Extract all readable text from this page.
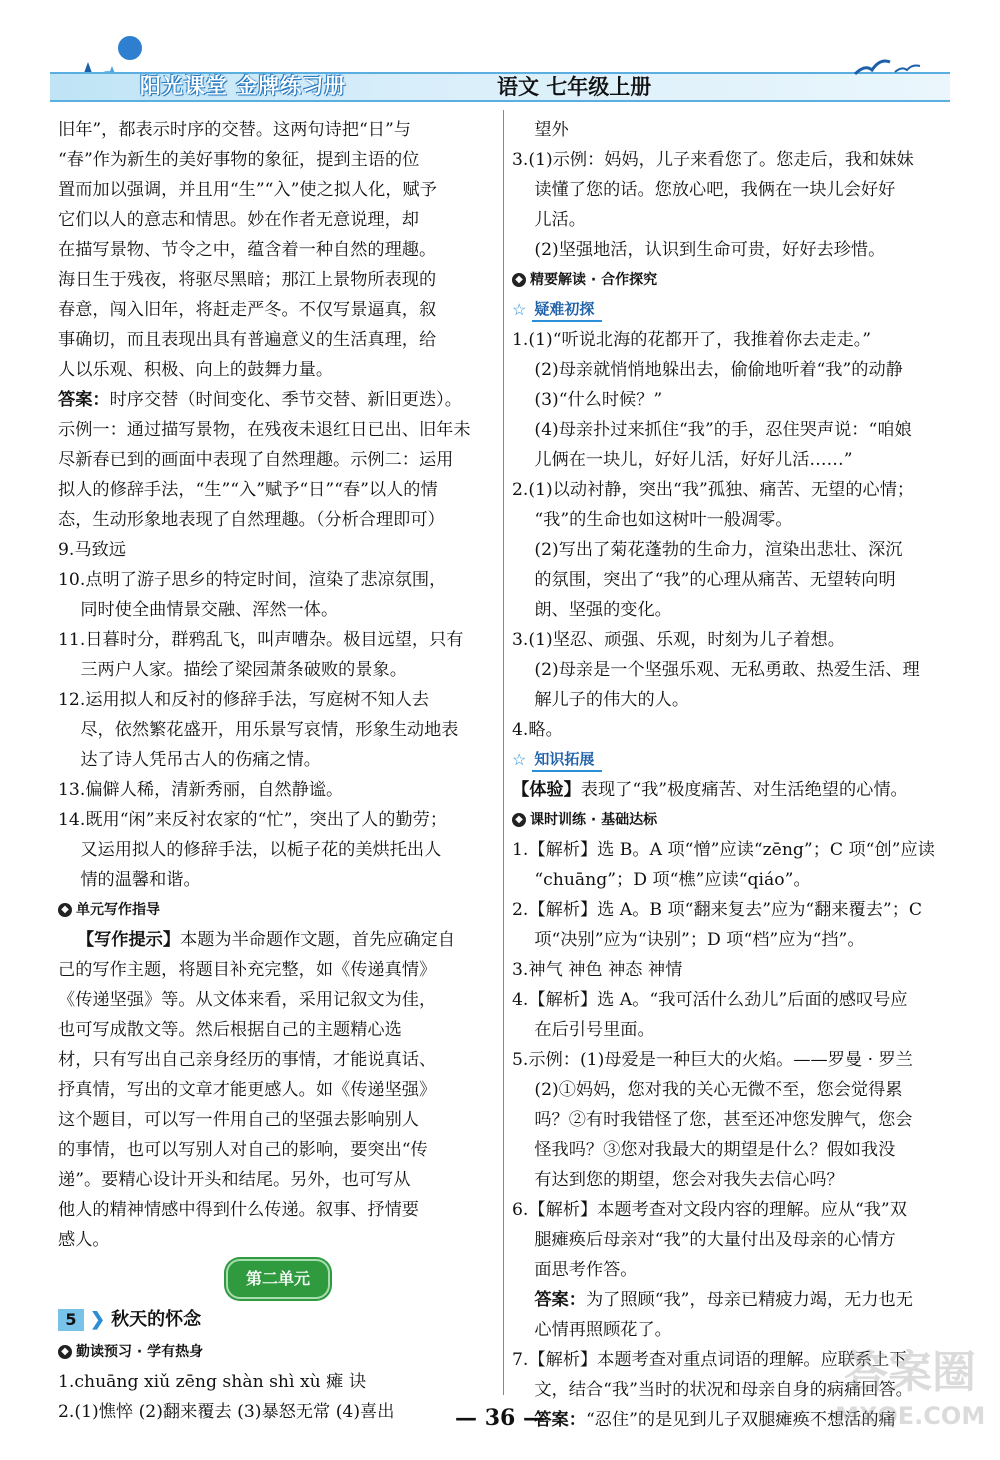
阳光课堂 金牌练习册	语文 七年级上册

旧年”，都表示时序的交替。这两句诗把“日”与

“春”作为新生的美好事物的象征，提到主语的位

置而加以强调，并且用“生”“入”使之拟人化，赋予

它们以人的意志和情思。妙在作者无意说理，却

在描写景物、节令之中，蕴含着一种自然的理趣。

海日生于残夜，将驱尽黑暗；那江上景物所表现的

春意，闯入旧年，将赶走严冬。不仅写景逼真，叙

事确切，而且表现出具有普遍意义的生活真理，给

人以乐观、积极、向上的鼓舞力量。

答案：时序交替（时间变化、季节交替、新旧更迭）。

示例一：通过描写景物，在残夜未退红日已出、旧年未

尽新春已到的画面中表现了自然理趣。示例二：运用

拟人的修辞手法，“生”“入”赋予“日”“春”以人的情

态，生动形象地表现了自然理趣。（分析合理即可）

9.马致远

10.点明了游子思乡的特定时间，渲染了悲凉氛围，

同时使全曲情景交融、浑然一体。

11.日暮时分，群鸦乱飞，叫声嘈杂。极目远望，只有

三两户人家。描绘了梁园萧条破败的景象。

12.运用拟人和反衬的修辞手法，写庭树不知人去

尽，依然繁花盛开，用乐景写哀情，形象生动地表

达了诗人凭吊古人的伤痛之情。

13.偏僻人稀，清新秀丽，自然静谧。

14.既用“闲”来反衬农家的“忙”，突出了人的勤劳；

又运用拟人的修辞手法，以栀子花的美烘托出人

情的温馨和谐。

◆ 单元写作指导

【写作提示】本题为半命题作文题，首先应确定自

己的写作主题，将题目补充完整，如《传递真情》

《传递坚强》等。从文体来看，采用记叙文为佳，

也可写成散文等。然后根据自己的主题精心选

材，只有写出自己亲身经历的事情，才能说真话、

抒真情，写出的文章才能更感人。如《传递坚强》

这个题目，可以写一件用自己的坚强去影响别人

的事情，也可以写别人对自己的影响，要突出“传

递”。要精心设计开头和结尾。另外，也可写从

他人的精神情感中得到什么传递。叙事、抒情要

感人。

第二单元
5 ❯ 秋天的怀念
◆ 勤读预习 · 学有热身

1.chuāng xiǔ zēng shàn shì xù 瘫 诀

2.(1)憔悴 (2)翻来覆去 (3)暴怒无常 (4)喜出

望外

3.(1)示例：妈妈，儿子来看您了。您走后，我和妹妹

读懂了您的话。您放心吧，我俩在一块儿会好好

儿活。

(2)坚强地活，认识到生命可贵，好好去珍惜。

◆ 精要解读 · 合作探究
☆ 疑难初探

1.(1)“听说北海的花都开了，我推着你去走走。”

(2)母亲就悄悄地躲出去，偷偷地听着“我”的动静

(3)“什么时候？”

(4)母亲扑过来抓住“我”的手，忍住哭声说：“咱娘

儿俩在一块儿，好好儿活，好好儿活……”

2.(1)以动衬静，突出“我”孤独、痛苦、无望的心情；

“我”的生命也如这树叶一般凋零。

(2)写出了菊花蓬勃的生命力，渲染出悲壮、深沉

的氛围，突出了“我”的心理从痛苦、无望转向明

朗、坚强的变化。

3.(1)坚忍、顽强、乐观，时刻为儿子着想。

(2)母亲是一个坚强乐观、无私勇敢、热爱生活、理

解儿子的伟大的人。

4.略。

☆ 知识拓展

【体验】表现了“我”极度痛苦、对生活绝望的心情。

◆ 课时训练 · 基础达标

1.【解析】选 B。A 项“憎”应读“zēng”；C 项“创”应读

“chuāng”；D 项“樵”应读“qiáo”。

2.【解析】选 A。B 项“翻来复去”应为“翻来覆去”；C

项“决别”应为“诀别”；D 项“档”应为“挡”。

3.神气 神色 神态 神情

4.【解析】选 A。“我可活什么劲儿”后面的感叹号应

在后引号里面。

5.示例：(1)母爱是一种巨大的火焰。——罗曼 · 罗兰

(2)①妈妈，您对我的关心无微不至，您会觉得累

吗？②有时我错怪了您，甚至还冲您发脾气，您会

怪我吗？③您对我最大的期望是什么？假如我没

有达到您的期望，您会对我失去信心吗？

6.【解析】本题考查对文段内容的理解。应从“我”双

腿瘫痪后母亲对“我”的大量付出及母亲的心情方

面思考作答。

答案：为了照顾“我”，母亲已精疲力竭，无力也无

心情再照顾花了。

7.【解析】本题考查对重点词语的理解。应联系上下

文，结合“我”当时的状况和母亲自身的病痛回答。

答案：“忍住”的是见到儿子双腿瘫痪不想活的痛

— 36 —
答案圈
MXQE.COM
